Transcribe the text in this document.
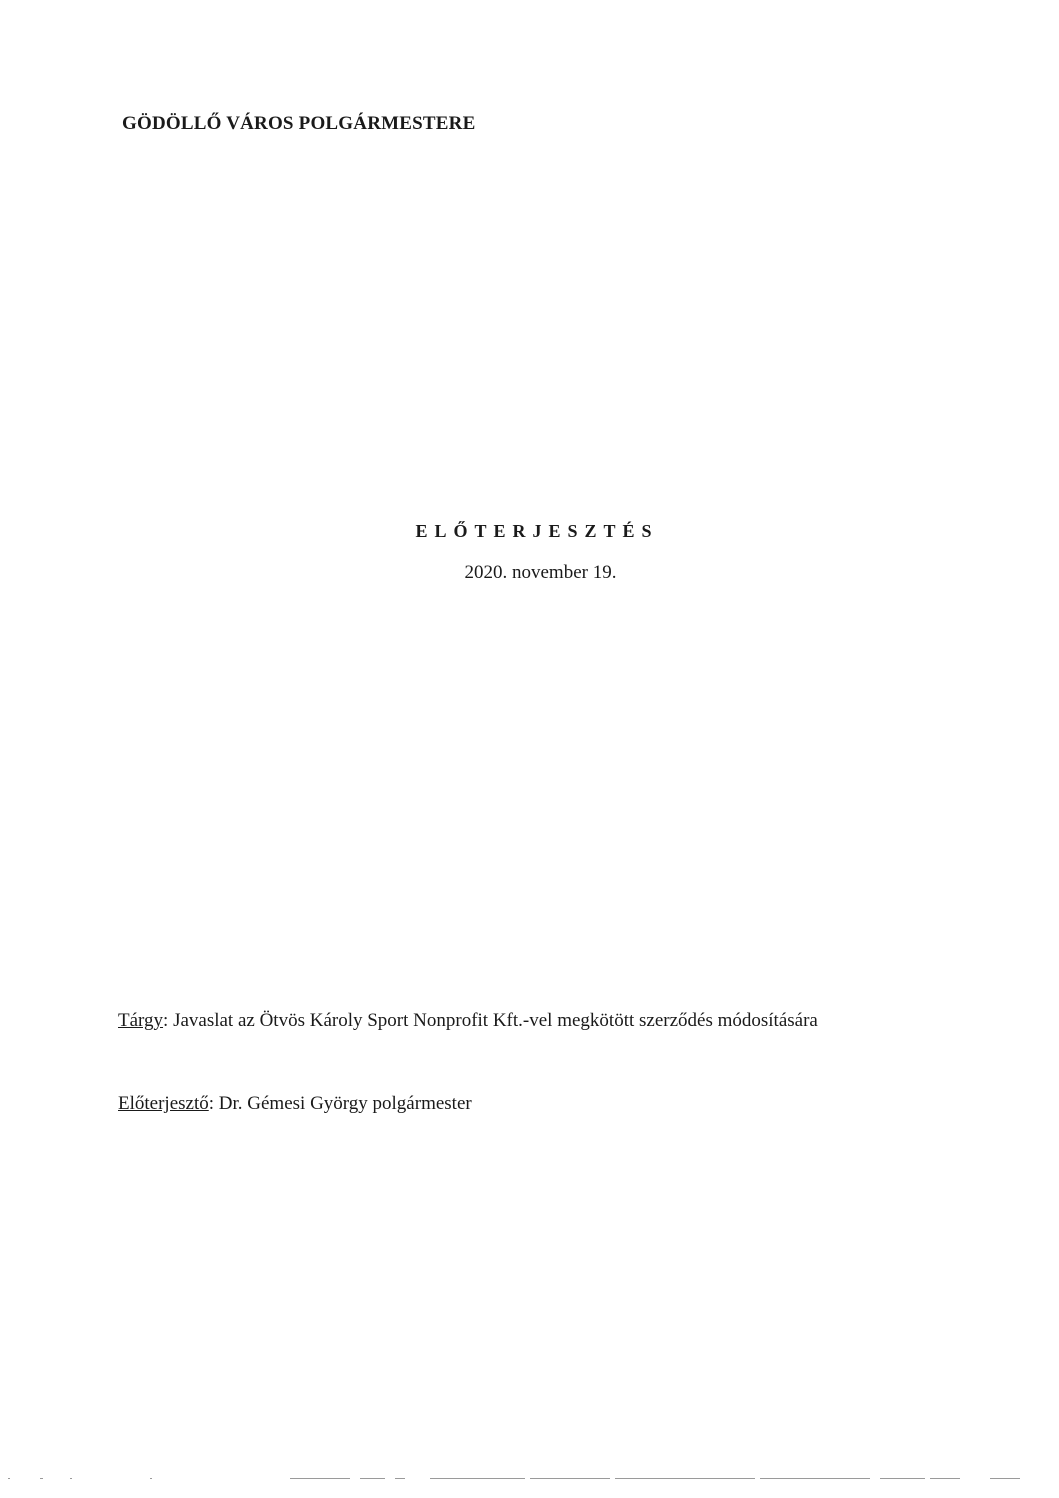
GÖDÖLLŐ VÁROS POLGÁRMESTERE
ELŐTERJESZTÉS
2020. november 19.
Tárgy: Javaslat az Ötvös Károly Sport Nonprofit Kft.-vel megkötött szerződés módosítására
Előterjesztő: Dr. Gémesi György polgármester
